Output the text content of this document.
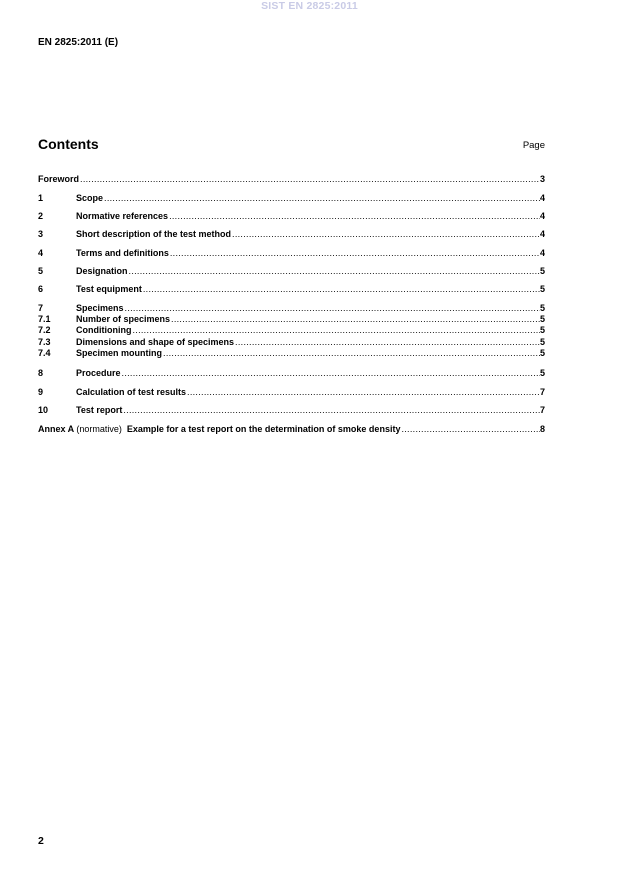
SIST EN 2825:2011
EN 2825:2011 (E)
Contents	Page
Foreword .....	3
1	Scope .....	4
2	Normative references .....	4
3	Short description of the test method .....	4
4	Terms and definitions .....	4
5	Designation .....	5
6	Test equipment .....	5
7	Specimens .....	5
7.1	Number of specimens .....	5
7.2	Conditioning .....	5
7.3	Dimensions and shape of specimens .....	5
7.4	Specimen mounting .....	5
8	Procedure .....	5
9	Calculation of test results .....	7
10	Test report .....	7
Annex A (normative) Example for a test report on the determination of smoke density .....	8
2
